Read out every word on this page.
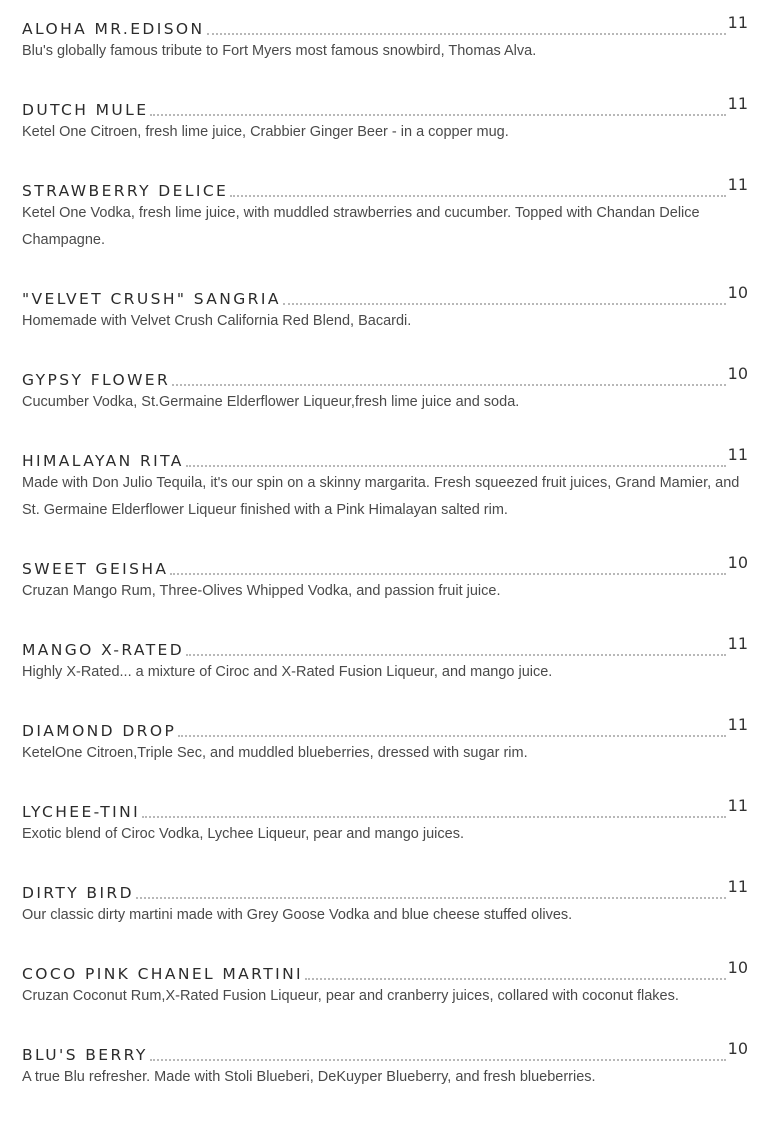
ALOHA MR.EDISON	11
Blu's globally famous tribute to Fort Myers most famous snowbird, Thomas Alva.
DUTCH MULE	11
Ketel One Citroen, fresh lime juice, Crabbier Ginger Beer - in a copper mug.
STRAWBERRY DELICE	11
Ketel One Vodka, fresh lime juice, with muddled strawberries and cucumber. Topped with Chandan Delice Champagne.
"VELVET CRUSH" SANGRIA	10
Homemade with Velvet Crush California Red Blend, Bacardi.
GYPSY FLOWER	10
Cucumber Vodka, St.Germaine Elderflower Liqueur,fresh lime juice and soda.
HIMALAYAN RITA	11
Made with Don Julio Tequila, it's our spin on a skinny margarita. Fresh squeezed fruit juices, Grand Mamier, and St. Germaine Elderflower Liqueur finished with a Pink Himalayan salted rim.
SWEET GEISHA	10
Cruzan Mango Rum, Three-Olives Whipped Vodka, and passion fruit juice.
MANGO X-RATED	11
Highly X-Rated... a mixture of Ciroc and X-Rated Fusion Liqueur, and mango juice.
DIAMOND DROP	11
KetelOne Citroen,Triple Sec, and muddled blueberries, dressed with sugar rim.
LYCHEE-TINI	11
Exotic blend of Ciroc Vodka, Lychee Liqueur, pear and mango juices.
DIRTY BIRD	11
Our classic dirty martini made with Grey Goose Vodka and blue cheese stuffed olives.
COCO PINK CHANEL MARTINI	10
Cruzan Coconut Rum,X-Rated Fusion Liqueur, pear and cranberry juices, collared with coconut flakes.
BLU'S BERRY	10
A true Blu refresher. Made with Stoli Blueberi, DeKuyper Blueberry, and fresh blueberries.
